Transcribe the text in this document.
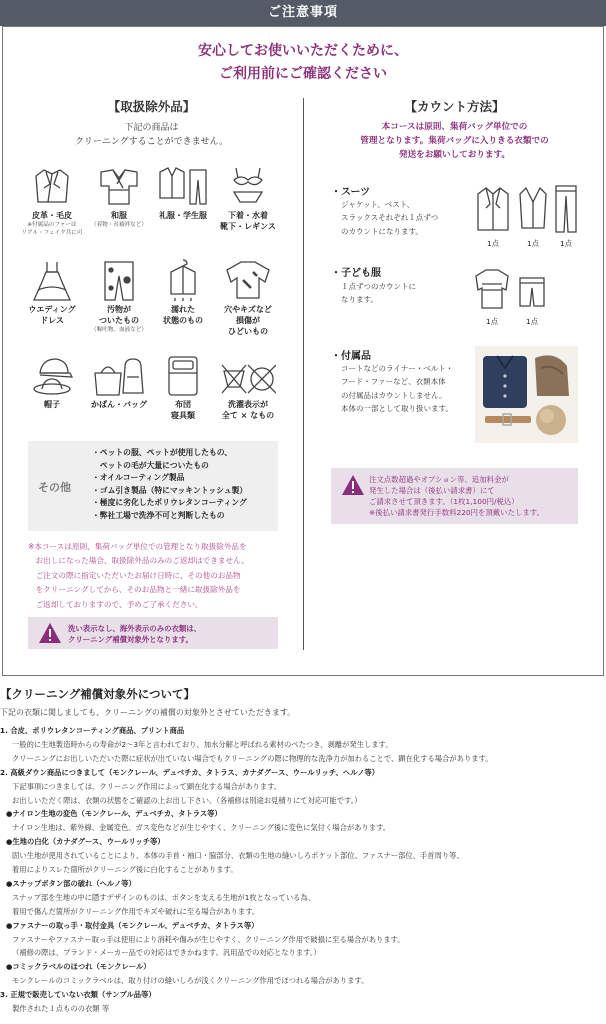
ご注意事項
安心してお使いいただくために、
ご利用前にご確認ください
【取扱除外品】
下記の商品は
クリーニングすることができません。
皮革・毛皮
※付属品のファーは
リアル・フェイク共に可
和服
（着物・長襦袢など）
礼服・学生服	下着・水着
靴下・レギンス
ウエディング
ドレス
汚物が
ついたもの
（嘔吐物、血液など）
濡れた
状態のもの
穴やキズなど
損傷が
ひどいもの
帽子	かばん・バッグ	布団
寝具類
洗濯表示が
全て × なもの
その他
・ペットの服、ペットが使用したもの、
　ペットの毛が大量についたもの
・オイルコーティング製品
・ゴム引き製品（特にマッキントッシュ製）
・極度に劣化したポリウレタンコーティング
・弊社工場で洗浄不可と判断したもの
※本コースは原則、集荷バッグ単位での管理となり取扱除外品を
　お出しになった場合、取扱除外品のみのご返却はできません。
　ご注文の際に指定いただいたお届け日時に、その他のお品物
　をクリーニングしてから、そのお品物と一緒に取扱除外品を
　ご返却しておりますので、予めご了承ください。
洗い表示なし、海外表示のみの衣類は、
クリーニング補償対象外となります。
【カウント方法】
本コースは原則、集荷バッグ単位での
管理となります。集荷バッグに入りきる衣類での
発送をお願いしております。
・スーツ
ジャケット、ベスト、
スラックスそれぞれ１点ずつ
のカウントになります。
1点	1点	1点
・子ども服
１点ずつのカウントに
なります。
1点	1点
・付属品
コートなどのライナー・ベルト・
フード・ファーなど、衣類本体
の付属品はカウントしません。
本体の一部として取り扱います。
注文点数超過やオプション等、追加料金が
発生した場合は（後払い請求書）にて
ご請求させて頂きます。（1枚1,100円/税込）
※後払い請求書発行手数料220円を頂戴いたします。
【クリーニング補償対象外について】
下記の衣類に関しましても、クリーニングの補償の対象外とさせていただきます。
1. 合皮、ポリウレタンコーティング商品、プリント商品
一般的に生地製造時からの寿命が2～3年と言われており、加水分解と呼ばれる素材のべたつき、剥離が発生します。
クリーニングにお出しいただいた際に症状が出ていない場合でもクリーニングの際に物理的な洗浄力が加わることで、顕在化する場合があります。
2. 高級ダウン商品につきまして（モンクレール、デュベチカ、タトラス、カナダグース、ウールリッチ、ヘルノ等）
下記事項につきましては、クリーニング作用によって顕在化する場合があります。
お出しいただく際は、衣類の状態をご確認の上お出し下さい。（各補修は別途お見積りにて対応可能です。）
●ナイロン生地の変色（モンクレール、デュベチカ、タトラス等）
ナイロン生地は、紫外線、金属変色、ガス変色などが生じやすく、クリーニング後に変色に気付く場合があります。
●生地の白化（カナダグース、ウールリッチ等）
固い生地が使用されていることにより、本体の手首・袖口・脇部分、衣類の生地の縫いしろポケット部位、ファスナー部位、手首周り等、
着用によりスレた箇所がクリーニング後に白化することがあります。
●スナップボタン部の破れ（ヘルノ等）
スナップ部を生地の中に隠すデザインのものは、ボタンを支える生地が1枚となっている為、
着用で傷んだ箇所がクリーニング作用でキズや破れに至る場合があります。
●ファスナーの取っ手・取付金具（モンクレール、デュベチカ、タトラス等）
ファスナーやファスナー取っ手は使用により消耗や傷みが生じやすく、クリーニング作用で破損に至る場合があります。
（補修の際は、ブランド・メーカー品での対応はできかねます。汎用品での対応となります。）
●コミックラベルのほつれ（モンクレール）
モンクレールのコミックラベルは、取り付けの縫いしろが浅くクリーニング作用でほつれる場合があります。
3. 正規で販売していない衣類（サンプル品等）
製作された１点ものの衣類 等
